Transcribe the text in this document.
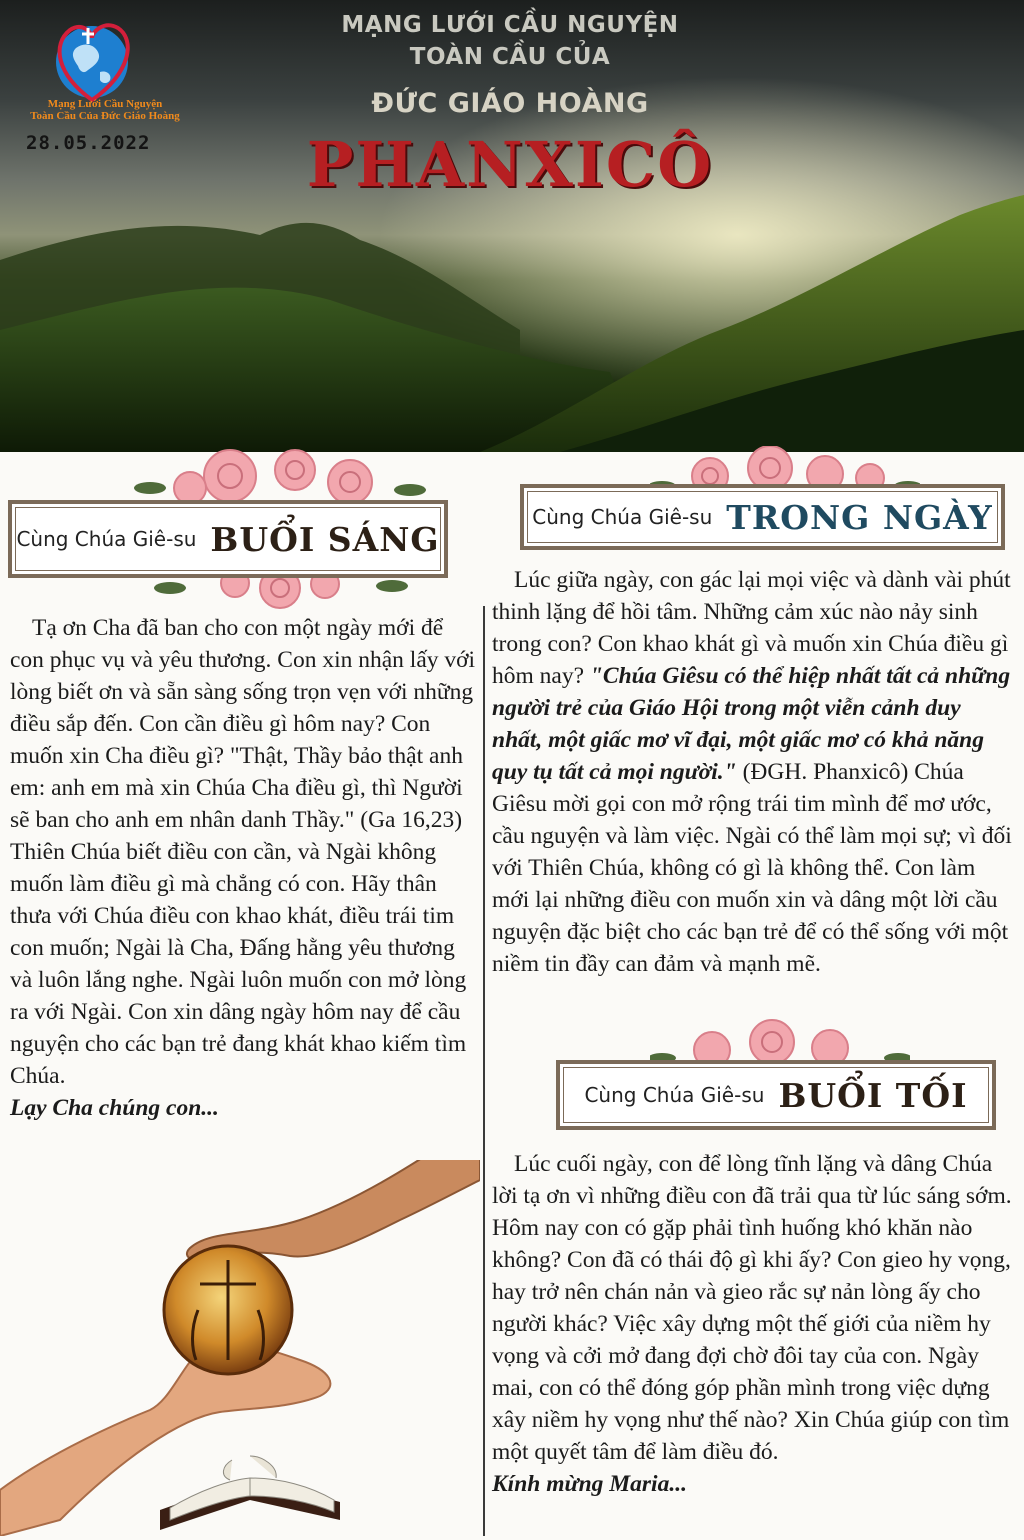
Mạng Lưới Cầu Nguyện
Toàn Cầu Của Đức Giáo Hoàng
28.05.2022
MẠNG LƯỚI CẦU NGUYỆN
TOÀN CẦU CỦA
ĐỨC GIÁO HOÀNG
PHANXICÔ
Cùng Chúa Giê-su BUỔI SÁNG
Cùng Chúa Giê-su TRONG NGÀY
Cùng Chúa Giê-su BUỔI TỐI

Tạ ơn Cha đã ban cho con một ngày mới để con phục vụ và yêu thương. Con xin nhận lấy với lòng biết ơn và sẵn sàng sống trọn vẹn với những điều sắp đến. Con cần điều gì hôm nay? Con muốn xin Cha điều gì? "Thật, Thầy bảo thật anh em: anh em mà xin Chúa Cha điều gì, thì Người sẽ ban cho anh em nhân danh Thầy." (Ga 16,23) Thiên Chúa biết điều con cần, và Ngài không muốn làm điều gì mà chẳng có con. Hãy thân thưa với Chúa điều con khao khát, điều trái tim con muốn; Ngài là Cha, Đấng hằng yêu thương và luôn lắng nghe. Ngài luôn muốn con mở lòng ra với Ngài. Con xin dâng ngày hôm nay để cầu nguyện cho các bạn trẻ đang khát khao kiếm tìm Chúa.

Lạy Cha chúng con...

Lúc giữa ngày, con gác lại mọi việc và dành vài phút thinh lặng để hồi tâm. Những cảm xúc nào nảy sinh trong con? Con khao khát gì và muốn xin Chúa điều gì hôm nay? "Chúa Giêsu có thể hiệp nhất tất cả những người trẻ của Giáo Hội trong một viễn cảnh duy nhất, một giấc mơ vĩ đại, một giấc mơ có khả năng quy tụ tất cả mọi người." (ĐGH. Phanxicô) Chúa Giêsu mời gọi con mở rộng trái tim mình để mơ ước, cầu nguyện và làm việc. Ngài có thể làm mọi sự; vì đối với Thiên Chúa, không có gì là không thể. Con làm mới lại những điều con muốn xin và dâng một lời cầu nguyện đặc biệt cho các bạn trẻ để có thể sống với một niềm tin đầy can đảm và mạnh mẽ.

Lúc cuối ngày, con để lòng tĩnh lặng và dâng Chúa lời tạ ơn vì những điều con đã trải qua từ lúc sáng sớm. Hôm nay con có gặp phải tình huống khó khăn nào không? Con đã có thái độ gì khi ấy? Con gieo hy vọng, hay trở nên chán nản và gieo rắc sự nản lòng ấy cho người khác? Việc xây dựng một thế giới của niềm hy vọng và cởi mở đang đợi chờ đôi tay của con. Ngày mai, con có thể đóng góp phần mình trong việc dựng xây niềm hy vọng như thế nào? Xin Chúa giúp con tìm một quyết tâm để làm điều đó.

Kính mừng Maria...
